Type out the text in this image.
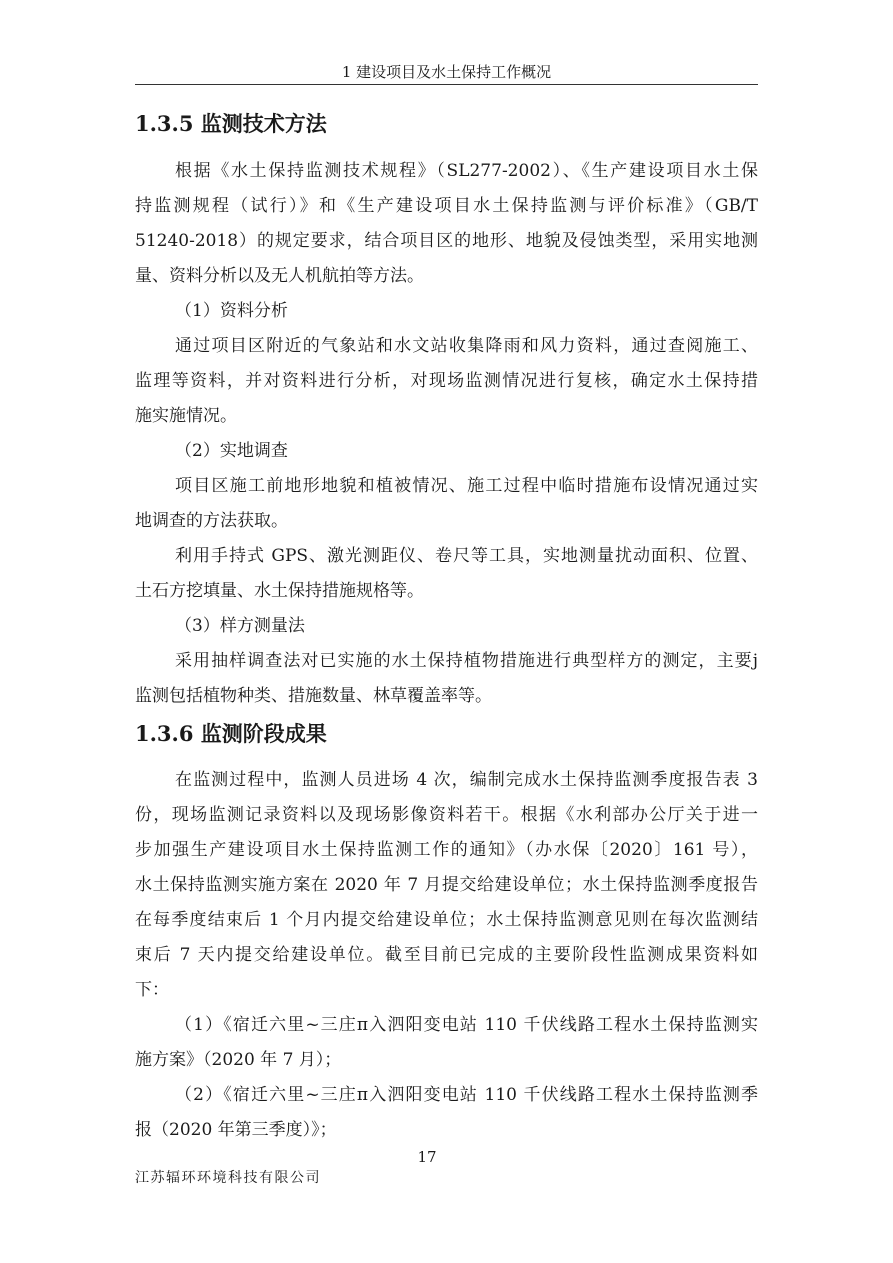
1 建设项目及水土保持工作概况
1.3.5 监测技术方法
根据《水土保持监测技术规程》（SL277-2002）、《生产建设项目水土保
持监测规程（试行）》和《生产建设项目水土保持监测与评价标准》（GB/T
51240-2018）的规定要求，结合项目区的地形、地貌及侵蚀类型，采用实地测
量、资料分析以及无人机航拍等方法。
（1）资料分析
通过项目区附近的气象站和水文站收集降雨和风力资料，通过查阅施工、
监理等资料，并对资料进行分析，对现场监测情况进行复核，确定水土保持措
施实施情况。
（2）实地调查
项目区施工前地形地貌和植被情况、施工过程中临时措施布设情况通过实
地调查的方法获取。
利用手持式 GPS、激光测距仪、卷尺等工具，实地测量扰动面积、位置、
土石方挖填量、水土保持措施规格等。
（3）样方测量法
采用抽样调查法对已实施的水土保持植物措施进行典型样方的测定，主要j
监测包括植物种类、措施数量、林草覆盖率等。
1.3.6 监测阶段成果
在监测过程中，监测人员进场 4 次，编制完成水土保持监测季度报告表 3
份，现场监测记录资料以及现场影像资料若干。根据《水利部办公厅关于进一
步加强生产建设项目水土保持监测工作的通知》（办水保〔2020〕161 号），
水土保持监测实施方案在 2020 年 7 月提交给建设单位；水土保持监测季度报告
在每季度结束后 1 个月内提交给建设单位；水土保持监测意见则在每次监测结
束后 7 天内提交给建设单位。截至目前已完成的主要阶段性监测成果资料如
下：
（1）《宿迁六里~三庄π入泗阳变电站 110 千伏线路工程水土保持监测实
施方案》（2020 年 7 月）；
（2）《宿迁六里~三庄π入泗阳变电站 110 千伏线路工程水土保持监测季
报（2020 年第三季度）》；
17
江苏辐环环境科技有限公司
